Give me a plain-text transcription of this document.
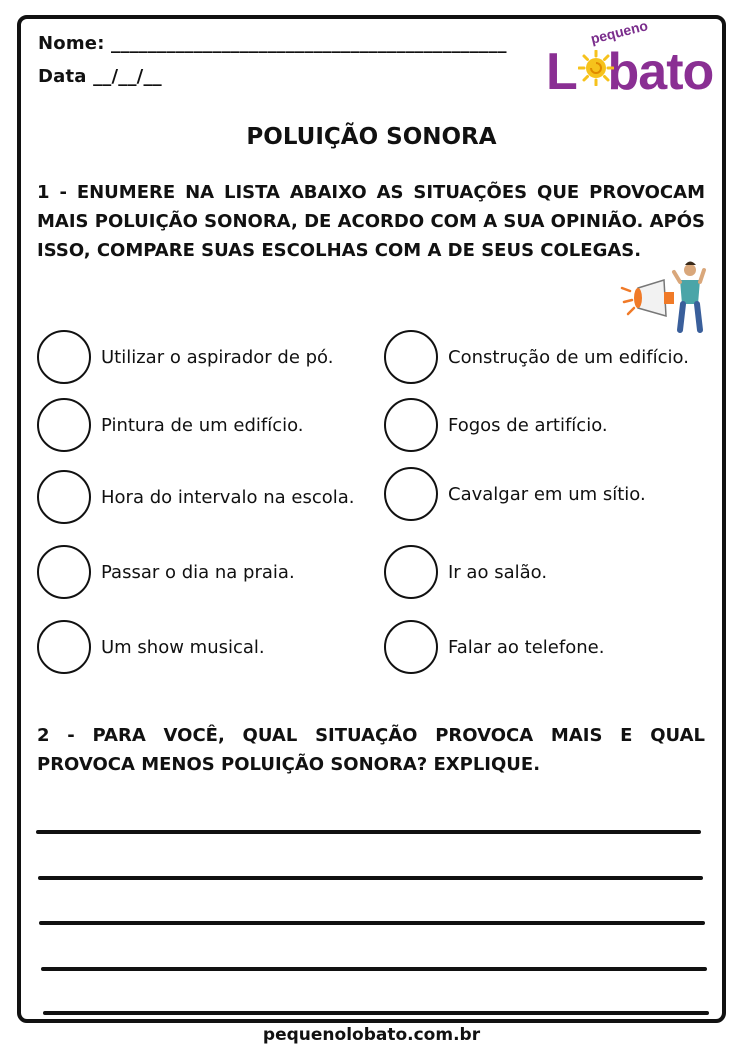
Nome: ___________________________________________
Data __/__/__
pequeno
L bato
POLUIÇÃO SONORA
1 - ENUMERE NA LISTA ABAIXO AS SITUAÇÕES QUE PROVOCAM MAIS POLUIÇÃO SONORA, DE ACORDO COM A SUA OPINIÃO. APÓS ISSO, COMPARE SUAS ESCOLHAS COM A DE SEUS COLEGAS.
Utilizar o aspirador de pó.
Pintura de um edifício.
Hora do intervalo na escola.
Passar o dia na praia.
Um show musical.
Construção de um edifício.
Fogos de artifício.
Cavalgar em um sítio.
Ir ao salão.
Falar ao telefone.
2 - PARA VOCÊ, QUAL SITUAÇÃO PROVOCA MAIS E QUAL PROVOCA MENOS POLUIÇÃO SONORA? EXPLIQUE.
pequenolobato.com.br
